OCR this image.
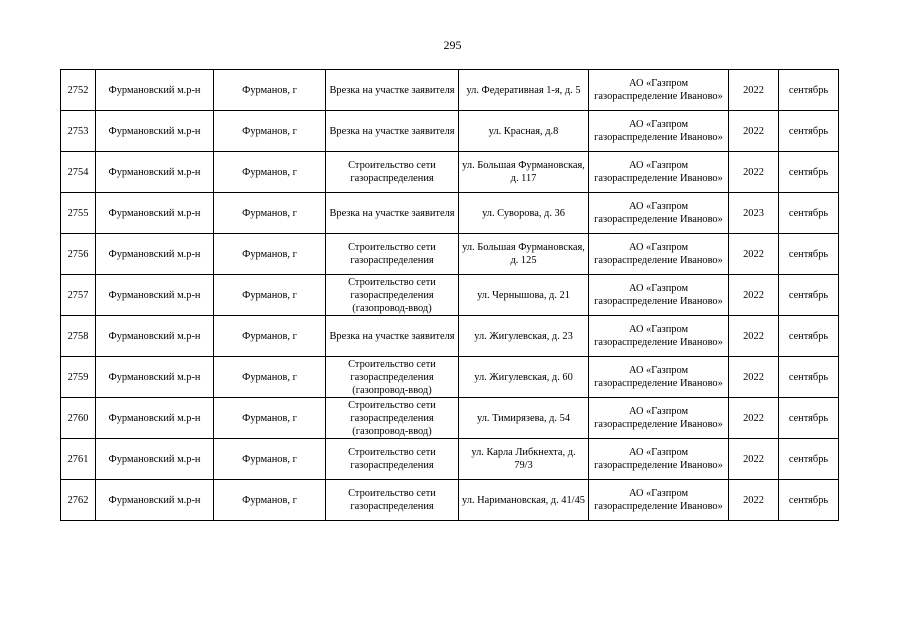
295
2752	Фурмановский м.р-н	Фурманов, г	Врезка на участке заявителя	ул. Федеративная 1-я, д. 5	АО «Газпром газораспределение Иваново»	2022	сентябрь
2753	Фурмановский м.р-н	Фурманов, г	Врезка на участке заявителя	ул. Красная, д.8	АО «Газпром газораспределение Иваново»	2022	сентябрь
2754	Фурмановский м.р-н	Фурманов, г	Строительство сети газораспределения	ул. Большая Фурмановская, д. 117	АО «Газпром газораспределение Иваново»	2022	сентябрь
2755	Фурмановский м.р-н	Фурманов, г	Врезка на участке заявителя	ул. Суворова, д. 36	АО «Газпром газораспределение Иваново»	2023	сентябрь
2756	Фурмановский м.р-н	Фурманов, г	Строительство сети газораспределения	ул. Большая Фурмановская, д. 125	АО «Газпром газораспределение Иваново»	2022	сентябрь
2757	Фурмановский м.р-н	Фурманов, г	Строительство сети газораспределения (газопровод-ввод)	ул. Чернышова, д. 21	АО «Газпром газораспределение Иваново»	2022	сентябрь
2758	Фурмановский м.р-н	Фурманов, г	Врезка на участке заявителя	ул. Жигулевская, д. 23	АО «Газпром газораспределение Иваново»	2022	сентябрь
2759	Фурмановский м.р-н	Фурманов, г	Строительство сети газораспределения (газопровод-ввод)	ул. Жигулевская, д. 60	АО «Газпром газораспределение Иваново»	2022	сентябрь
2760	Фурмановский м.р-н	Фурманов, г	Строительство сети газораспределения (газопровод-ввод)	ул. Тимирязева, д. 54	АО «Газпром газораспределение Иваново»	2022	сентябрь
2761	Фурмановский м.р-н	Фурманов, г	Строительство сети газораспределения	ул. Карла Либкнехта, д. 79/3	АО «Газпром газораспределение Иваново»	2022	сентябрь
2762	Фурмановский м.р-н	Фурманов, г	Строительство сети газораспределения	ул. Наримановская, д. 41/45	АО «Газпром газораспределение Иваново»	2022	сентябрь
